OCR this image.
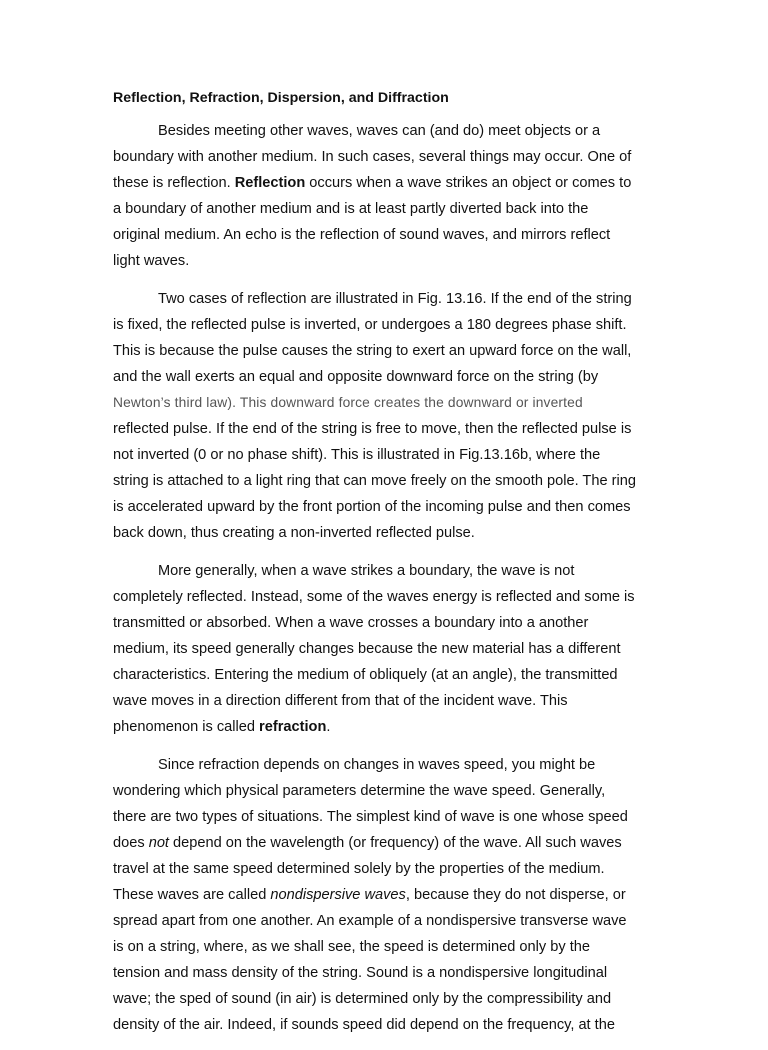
Reflection, Refraction, Dispersion, and Diffraction
Besides meeting other waves, waves can (and do) meet objects or a
boundary with another medium. In such cases, several things may occur. One of
these is reflection. Reflection occurs when a wave strikes an object or comes to
a boundary of another medium and is at least partly diverted back into the
original medium. An echo is the reflection of sound waves, and mirrors reflect
light waves.
Two cases of reflection are illustrated in Fig. 13.16. If the end of the string
is fixed, the reflected pulse is inverted, or undergoes a 180 degrees phase shift.
This is because the pulse causes the string to exert an upward force on the wall,
and the wall exerts an equal and opposite downward force on the string (by
Newton’s third law). This downward force creates the downward or inverted
reflected pulse. If the end of the string is free to move, then the reflected pulse is
not inverted (0 or no phase shift). This is illustrated in Fig.13.16b, where the
string is attached to a light ring that can move freely on the smooth pole. The ring
is accelerated upward by the front portion of the incoming pulse and then comes
back down, thus creating a non-inverted reflected pulse.
More generally, when a wave strikes a boundary, the wave is not
completely reflected. Instead, some of the waves energy is reflected and some is
transmitted or absorbed. When a wave crosses a boundary into a another
medium, its speed generally changes because the new material has a different
characteristics. Entering the medium of obliquely (at an angle), the transmitted
wave moves in a direction different from that of the incident wave. This
phenomenon is called refraction.
Since refraction depends on changes in waves speed, you might be
wondering which physical parameters determine the wave speed. Generally,
there are two types of situations. The simplest kind of wave is one whose speed
does not depend on the wavelength (or frequency) of the wave. All such waves
travel at the same speed determined solely by the properties of the medium.
These waves are called nondispersive waves, because they do not disperse, or
spread apart from one another. An example of a nondispersive transverse wave
is on a string, where, as we shall see, the speed is determined only by the
tension and mass density of the string. Sound is a nondispersive longitudinal
wave; the sped of sound (in air) is determined only by the compressibility and
density of the air. Indeed, if sounds speed did depend on the frequency, at the
